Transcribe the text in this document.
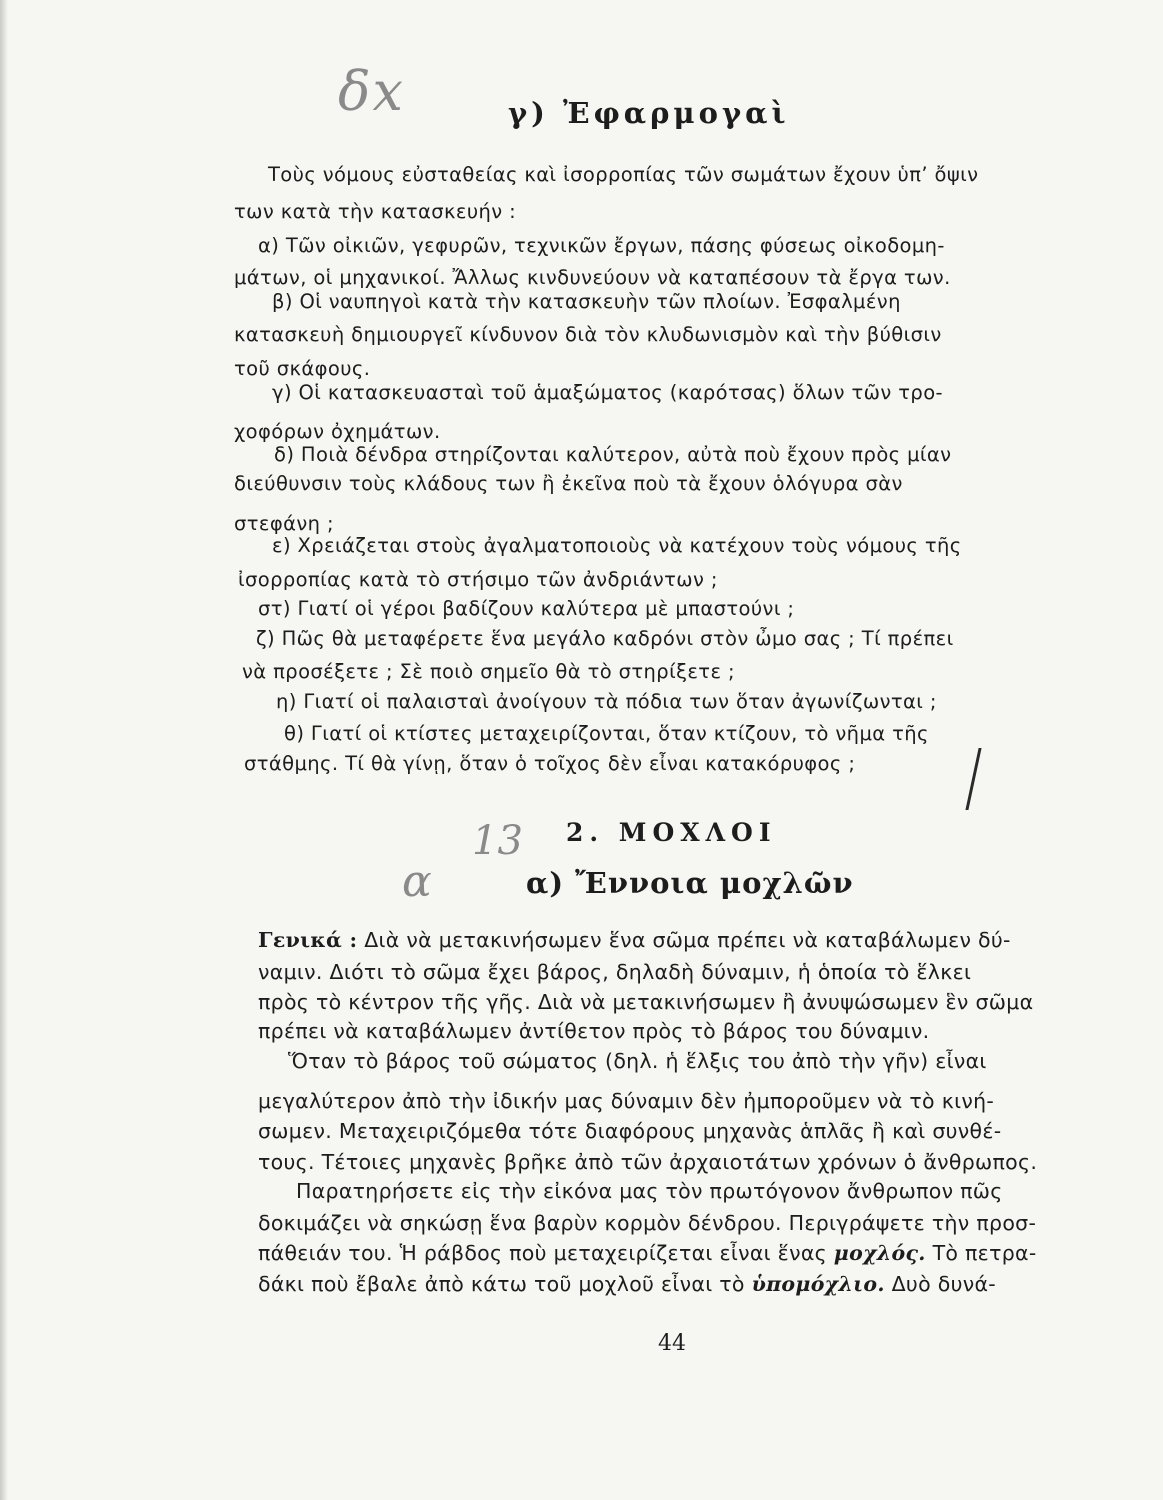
δx
13
α
γ) Ἐφαρμογαὶ
Τοὺς νόμους εὐσταθείας καὶ ἰσορροπίας τῶν σωμάτων ἔχουν ὑπ’ ὄψιν
των κατὰ τὴν κατασκευήν :
α) Τῶν οἰκιῶν, γεφυρῶν, τεχνικῶν ἔργων, πάσης φύσεως οἰκοδομη-
μάτων, οἱ μηχανικοί. Ἄλλως κινδυνεύουν νὰ καταπέσουν τὰ ἔργα των.
β) Οἱ ναυπηγοὶ κατὰ τὴν κατασκευὴν τῶν πλοίων. Ἐσφαλμένη
κατασκευὴ δημιουργεῖ κίνδυνον διὰ τὸν κλυδωνισμὸν καὶ τὴν βύθισιν
τοῦ σκάφους.
γ) Οἱ κατασκευασταὶ τοῦ ἁμαξώματος (καρότσας) ὅλων τῶν τρο-
χοφόρων ὀχημάτων.
δ) Ποιὰ δένδρα στηρίζονται καλύτερον, αὐτὰ ποὺ ἔχουν πρὸς μίαν
διεύθυνσιν τοὺς κλάδους των ἢ ἐκεῖνα ποὺ τὰ ἔχουν ὁλόγυρα σὰν
στεφάνη ;
ε) Χρειάζεται στοὺς ἀγαλματοποιοὺς νὰ κατέχουν τοὺς νόμους τῆς
ἰσορροπίας κατὰ τὸ στήσιμο τῶν ἀνδριάντων ;
στ) Γιατί οἱ γέροι βαδίζουν καλύτερα μὲ μπαστούνι ;
ζ) Πῶς θὰ μεταφέρετε ἕνα μεγάλο καδρόνι στὸν ὦμο σας ; Τί πρέπει
νὰ προσέξετε ; Σὲ ποιὸ σημεῖο θὰ τὸ στηρίξετε ;
η) Γιατί οἱ παλαισταὶ ἀνοίγουν τὰ πόδια των ὅταν ἀγωνίζωνται ;
θ) Γιατί οἱ κτίστες μεταχειρίζονται, ὅταν κτίζουν, τὸ νῆμα τῆς
στάθμης. Τί θὰ γίνῃ, ὅταν ὁ τοῖχος δὲν εἶναι κατακόρυφος ;
2. ΜΟΧΛΟΙ
α) Ἔννοια μοχλῶν
Γενικά : Διὰ νὰ μετακινήσωμεν ἕνα σῶμα πρέπει νὰ καταβάλωμεν δύ-
ναμιν. Διότι τὸ σῶμα ἔχει βάρος, δηλαδὴ δύναμιν, ἡ ὁποία τὸ ἕλκει
πρὸς τὸ κέντρον τῆς γῆς. Διὰ νὰ μετακινήσωμεν ἢ ἀνυψώσωμεν ἓν σῶμα
πρέπει νὰ καταβάλωμεν ἀντίθετον πρὸς τὸ βάρος του δύναμιν.
Ὅταν τὸ βάρος τοῦ σώματος (δηλ. ἡ ἕλξις του ἀπὸ τὴν γῆν) εἶναι
μεγαλύτερον ἀπὸ τὴν ἰδικήν μας δύναμιν δὲν ἠμποροῦμεν νὰ τὸ κινή-
σωμεν. Μεταχειριζόμεθα τότε διαφόρους μηχανὰς ἁπλᾶς ἢ καὶ συνθέ-
τους. Τέτοιες μηχανὲς βρῆκε ἀπὸ τῶν ἀρχαιοτάτων χρόνων ὁ ἄνθρωπος.
Παρατηρήσετε εἰς τὴν εἰκόνα μας τὸν πρωτόγονον ἄνθρωπον πῶς
δοκιμάζει νὰ σηκώσῃ ἕνα βαρὺν κορμὸν δένδρου. Περιγράψετε τὴν προσ-
πάθειάν του. Ἡ ράβδος ποὺ μεταχειρίζεται εἶναι ἕνας μοχλός. Τὸ πετρα-
δάκι ποὺ ἔβαλε ἀπὸ κάτω τοῦ μοχλοῦ εἶναι τὸ ὑπομόχλιο. Δυὸ δυνά-
44
